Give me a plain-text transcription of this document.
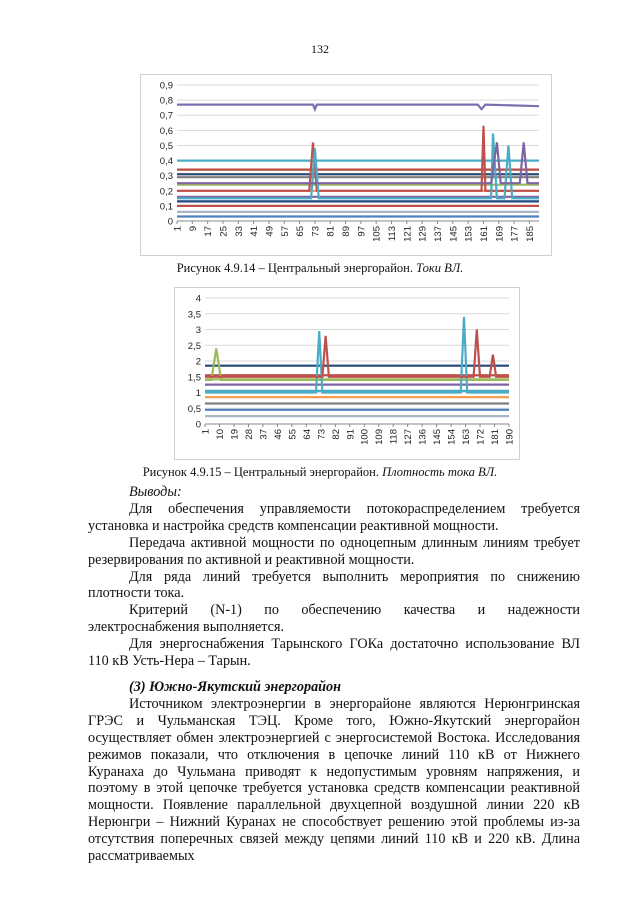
132
0,9
0,8
0,7
0,6
0,5
0,4
0,3
0,2
0,1
0
1 9 17 25 33 41 49 57 65 73 81 89 97 105 113 121 129 137 145 153 161 169 177 185
Рисунок 4.9.14 – Центральный энергорайон. Токи ВЛ.
4
3,5
3
2,5
2
1,5
1
0,5
0
1 10 19 28 37 46 55 64 73 82 91 100 109 118 127 136 145 154 163 172 181 190
Рисунок 4.9.15 – Центральный энергорайон. Плотность тока ВЛ.

Выводы:

Для обеспечения управляемости потокораспределением требуется установка и настройка средств компенсации реактивной мощности.

Передача активной мощности по одноцепным длинным линиям требует резервирования по активной и реактивной мощности.

Для ряда линий требуется выполнить мероприятия по снижению плотности тока.

Критерий (N-1) по обеспечению качества и надежности электроснабжения выполняется.

Для энергоснабжения Тарынского ГОКа достаточно использование ВЛ 110 кВ Усть-Нера – Тарын.

(3) Южно-Якутский энергорайон

Источником электроэнергии в энергорайоне являются Нерюнгринская ГРЭС и Чульманская ТЭЦ. Кроме того, Южно-Якутский энергорайон осуществляет обмен электроэнергией с энергосистемой Востока. Исследования режимов показали, что отключения в цепочке линий 110 кВ от Нижнего Куранаха до Чульмана приводят к недопустимым уровням напряжения, и поэтому в этой цепочке требуется установка средств компенсации реактивной мощности. Появление параллельной двухцепной воздушной линии 220 кВ Нерюнгри – Нижний Куранах не способствует решению этой проблемы из-за отсутствия поперечных связей между цепями линий 110 кВ и 220 кВ. Длина рассматриваемых
